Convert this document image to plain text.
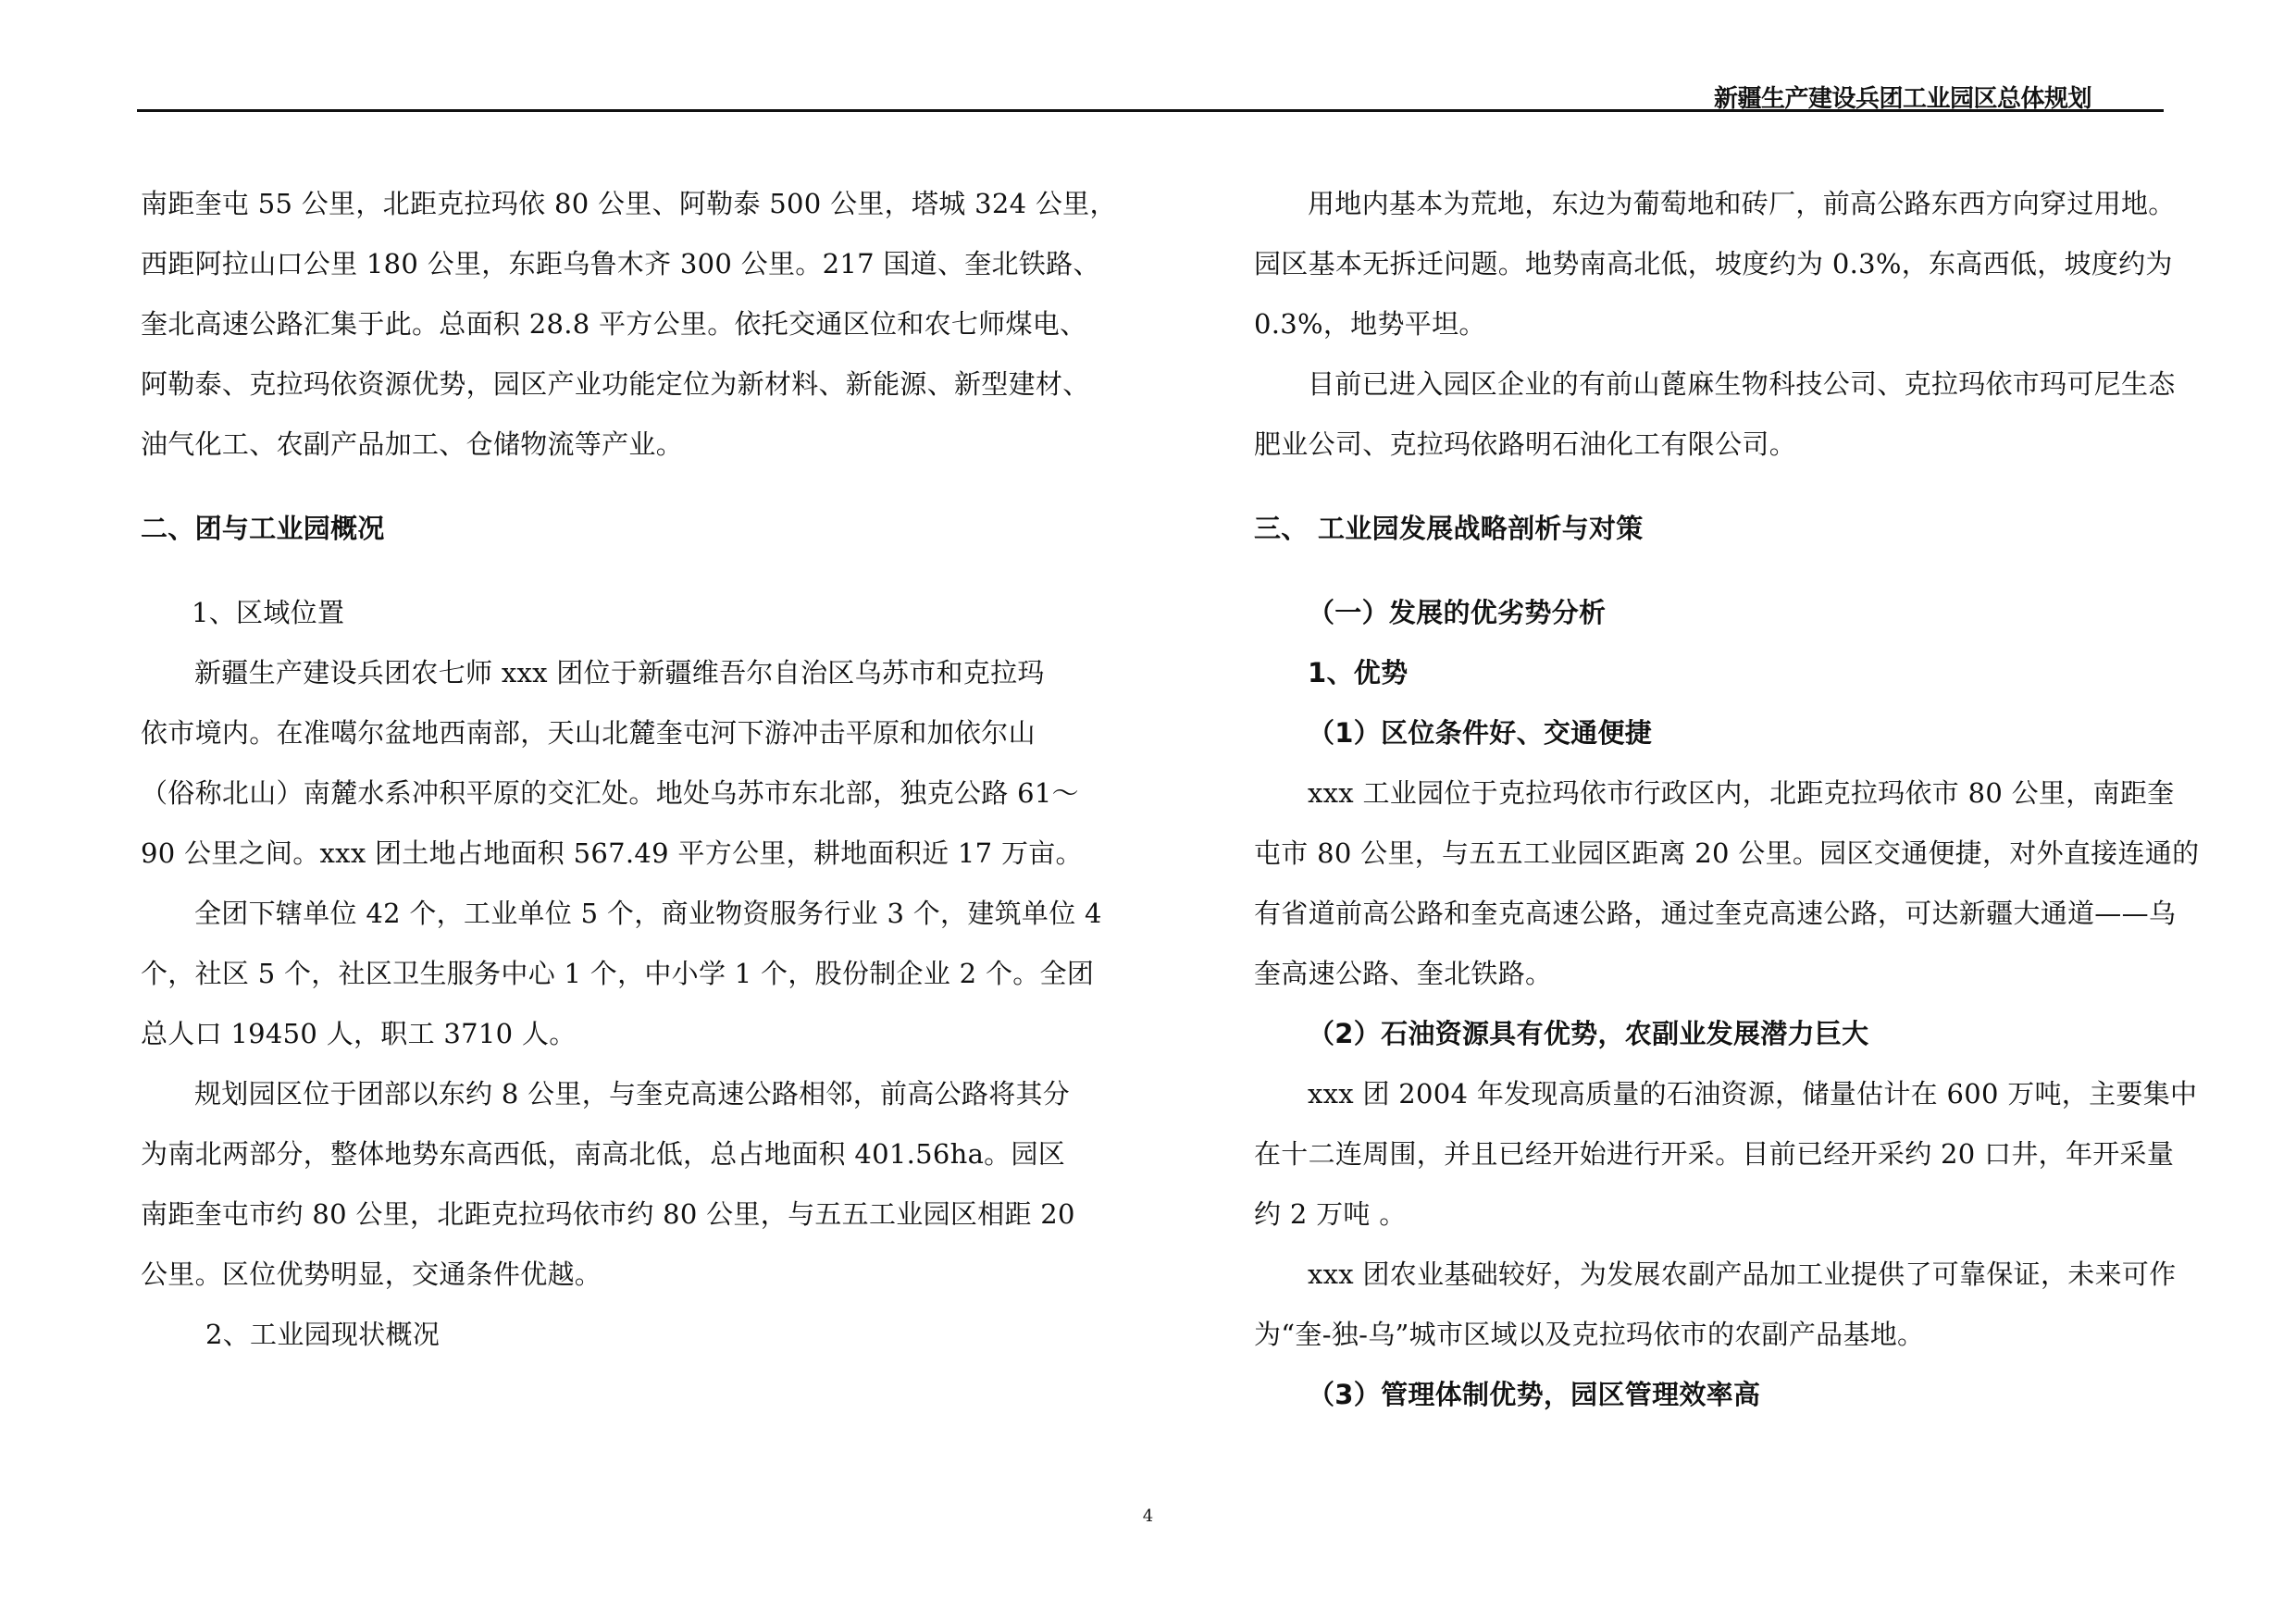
新疆生产建设兵团工业园区总体规划
南距奎屯 55 公里，北距克拉玛依 80 公里、阿勒泰 500 公里，塔城 324 公里，
西距阿拉山口公里 180 公里，东距乌鲁木齐 300 公里。217 国道、奎北铁路、
奎北高速公路汇集于此。总面积 28.8 平方公里。依托交通区位和农七师煤电、
阿勒泰、克拉玛依资源优势，园区产业功能定位为新材料、新能源、新型建材、
油气化工、农副产品加工、仓储物流等产业。
二、团与工业园概况
1、区域位置
新疆生产建设兵团农七师 xxx 团位于新疆维吾尔自治区乌苏市和克拉玛
依市境内。在准噶尔盆地西南部，天山北麓奎屯河下游冲击平原和加依尔山
（俗称北山）南麓水系冲积平原的交汇处。地处乌苏市东北部，独克公路 61～
90 公里之间。xxx 团土地占地面积 567.49 平方公里，耕地面积近 17 万亩。
全团下辖单位 42 个，工业单位 5 个，商业物资服务行业 3 个，建筑单位 4
个，社区 5 个，社区卫生服务中心 1 个，中小学 1 个，股份制企业 2 个。全团
总人口 19450 人，职工 3710 人。
规划园区位于团部以东约 8 公里，与奎克高速公路相邻，前高公路将其分
为南北两部分，整体地势东高西低，南高北低，总占地面积 401.56ha。园区
南距奎屯市约 80 公里，北距克拉玛依市约 80 公里，与五五工业园区相距 20
公里。区位优势明显，交通条件优越。
2、工业园现状概况
用地内基本为荒地，东边为葡萄地和砖厂，前高公路东西方向穿过用地。
园区基本无拆迁问题。地势南高北低，坡度约为 0.3%，东高西低，坡度约为
0.3%，地势平坦。
目前已进入园区企业的有前山蓖麻生物科技公司、克拉玛依市玛可尼生态
肥业公司、克拉玛依路明石油化工有限公司。
三、 工业园发展战略剖析与对策
（一）发展的优劣势分析
1、优势
（1）区位条件好、交通便捷
xxx 工业园位于克拉玛依市行政区内，北距克拉玛依市 80 公里，南距奎
屯市 80 公里，与五五工业园区距离 20 公里。园区交通便捷，对外直接连通的
有省道前高公路和奎克高速公路，通过奎克高速公路，可达新疆大通道——乌
奎高速公路、奎北铁路。
（2）石油资源具有优势，农副业发展潜力巨大
xxx 团 2004 年发现高质量的石油资源，储量估计在 600 万吨，主要集中
在十二连周围，并且已经开始进行开采。目前已经开采约 20 口井，年开采量
约 2 万吨 。
xxx 团农业基础较好，为发展农副产品加工业提供了可靠保证，未来可作
为“奎-独-乌”城市区域以及克拉玛依市的农副产品基地。
（3）管理体制优势，园区管理效率高
4
